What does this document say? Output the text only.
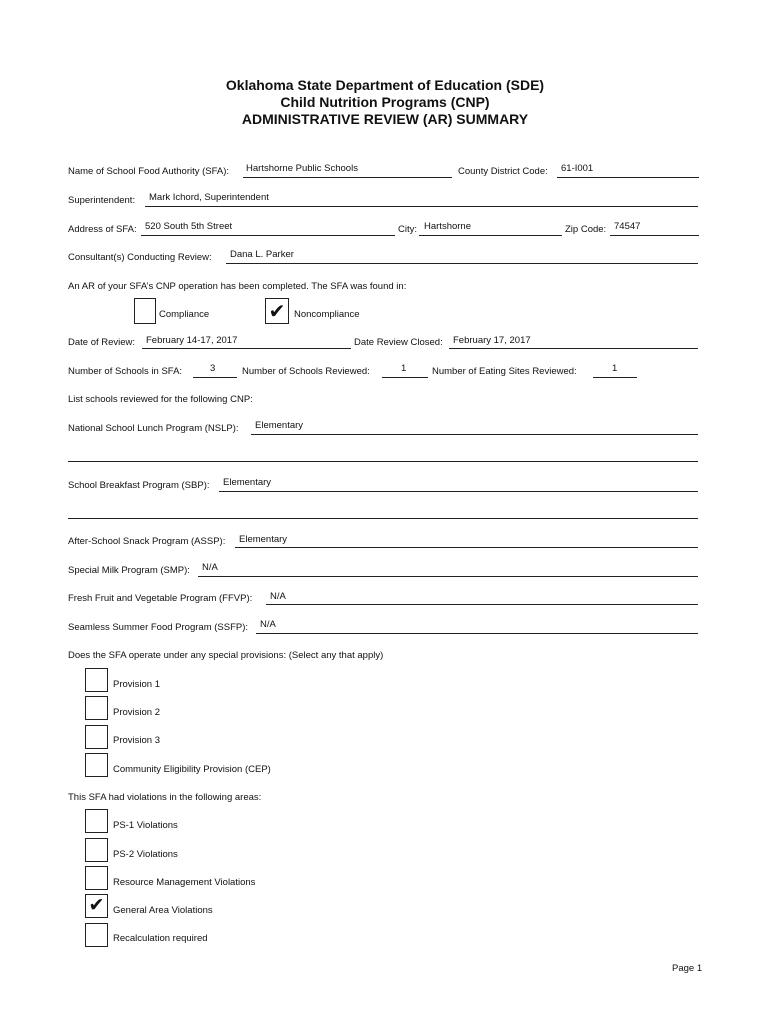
Oklahoma State Department of Education (SDE)
Child Nutrition Programs (CNP)
ADMINISTRATIVE REVIEW (AR) SUMMARY
Name of School Food Authority (SFA): Hartshorne Public Schools	County District Code: 61-I001
Superintendent: Mark Ichord, Superintendent
Address of SFA: 520 South 5th Street	City: Hartshorne	Zip Code: 74547
Consultant(s) Conducting Review: Dana L. Parker
An AR of your SFA’s CNP operation has been completed. The SFA was found in:
Compliance	✔ Noncompliance
Date of Review: February 14-17, 2017	Date Review Closed: February 17, 2017
Number of Schools in SFA:	3	Number of Schools Reviewed:	1	Number of Eating Sites Reviewed:	1
List schools reviewed for the following CNP:
National School Lunch Program (NSLP): Elementary
School Breakfast Program (SBP): Elementary
After-School Snack Program (ASSP): Elementary
Special Milk Program (SMP): N/A
Fresh Fruit and Vegetable Program (FFVP): N/A
Seamless Summer Food Program (SSFP): N/A
Does the SFA operate under any special provisions: (Select any that apply)
Provision 1
Provision 2
Provision 3
Community Eligibility Provision (CEP)
This SFA had violations in the following areas:
PS-1 Violations
PS-2 Violations
Resource Management Violations
✔ General Area Violations
Recalculation required
Page 1
